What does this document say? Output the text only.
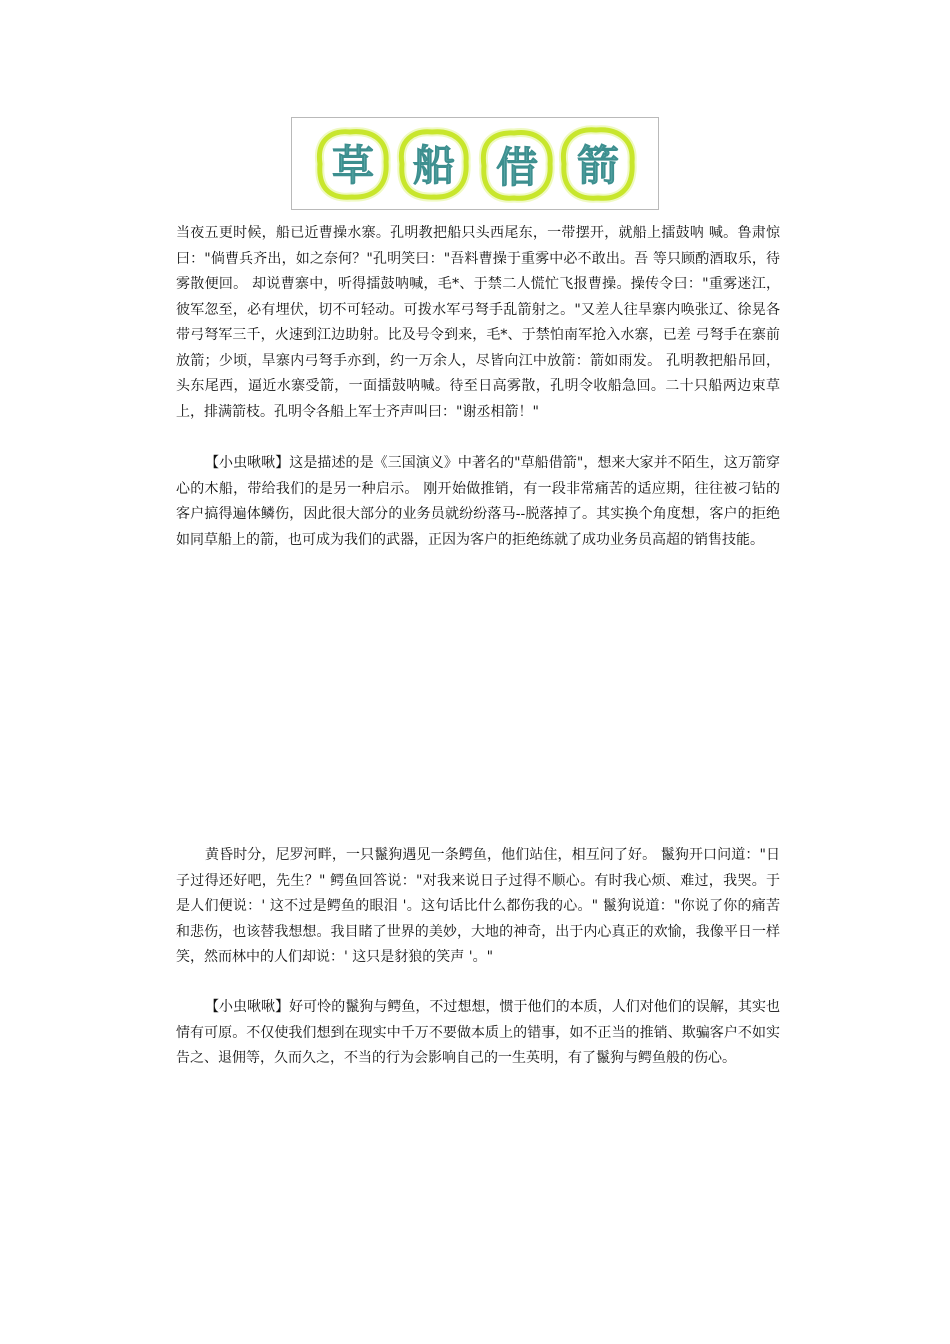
草 船 借 箭

当夜五更时候，船已近曹操水寨。孔明教把船只头西尾东，一带摆开，就船上擂鼓呐 喊。鲁肃惊曰："倘曹兵齐出，如之奈何？"孔明笑曰："吾料曹操于重雾中必不敢出。吾 等只顾酌酒取乐，待雾散便回。 却说曹寨中，听得擂鼓呐喊，毛*、于禁二人慌忙飞报曹操。操传令曰："重雾迷江， 彼军忽至，必有埋伏，切不可轻动。可拨水军弓弩手乱箭射之。"又差人往旱寨内唤张辽、徐晃各带弓弩军三千，火速到江边助射。比及号令到来，毛*、于禁怕南军抢入水寨，已差 弓弩手在寨前放箭；少顷，旱寨内弓弩手亦到，约一万余人，尽皆向江中放箭：箭如雨发。 孔明教把船吊回，头东尾西，逼近水寨受箭，一面擂鼓呐喊。待至日高雾散，孔明令收船急回。二十只船两边束草上，排满箭枝。孔明令各船上军士齐声叫曰："谢丞相箭！"

【小虫啾啾】这是描述的是《三国演义》中著名的"草船借箭"，想来大家并不陌生，这万箭穿心的木船，带给我们的是另一种启示。 刚开始做推销，有一段非常痛苦的适应期，往往被刁钻的客户搞得遍体鳞伤，因此很大部分的业务员就纷纷落马--脱落掉了。其实换个角度想，客户的拒绝如同草船上的箭，也可成为我们的武器，正因为客户的拒绝练就了成功业务员高超的销售技能。

黄昏时分，尼罗河畔，一只鬣狗遇见一条鳄鱼，他们站住，相互问了好。 鬣狗开口问道："日子过得还好吧，先生？" 鳄鱼回答说："对我来说日子过得不顺心。有时我心烦、难过，我哭。于是人们便说：' 这不过是鳄鱼的眼泪 '。这句话比什么都伤我的心。" 鬣狗说道："你说了你的痛苦和悲伤，也该替我想想。我目睹了世界的美妙，大地的神奇，出于内心真正的欢愉，我像平日一样笑，然而林中的人们却说：' 这只是豺狼的笑声 '。"

【小虫啾啾】好可怜的鬣狗与鳄鱼，不过想想，惯于他们的本质，人们对他们的误解，其实也情有可原。不仅使我们想到在现实中千万不要做本质上的错事，如不正当的推销、欺骗客户不如实告之、退佣等，久而久之，不当的行为会影响自己的一生英明，有了鬣狗与鳄鱼般的伤心。
